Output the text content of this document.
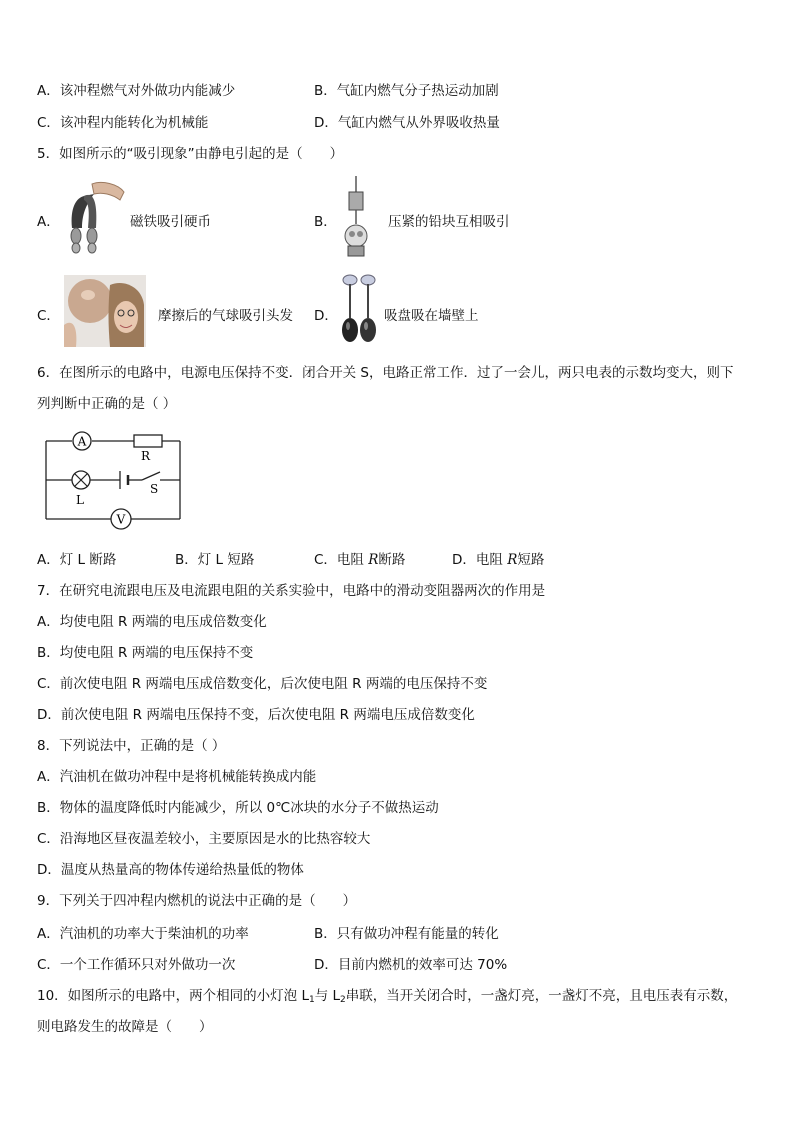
A．该冲程燃气对外做功内能减少	B．气缸内燃气分子热运动加剧
C．该冲程内能转化为机械能	D．气缸内燃气从外界吸收热量
5．如图所示的“吸引现象”由静电引起的是（　　）
A．	磁铁吸引硬币	B．	压紧的铅块互相吸引
C．	摩擦后的气球吸引头发 D．	吸盘吸在墙壁上
6．在图所示的电路中，电源电压保持不变．闭合开关 S，电路正常工作．过了一会儿，两只电表的示数均变大，则下
列判断中正确的是（ ）
A
V
R
L
S
A．灯 L 断路	B．灯 L 短路	C．电阻 R断路	D．电阻 R短路
7．在研究电流跟电压及电流跟电阻的关系实验中，电路中的滑动变阻器两次的作用是
A．均使电阻 R 两端的电压成倍数变化
B．均使电阻 R 两端的电压保持不变
C．前次使电阻 R 两端电压成倍数变化，后次使电阻 R 两端的电压保持不变
D．前次使电阻 R 两端电压保持不变，后次使电阻 R 两端电压成倍数变化
8．下列说法中，正确的是（ ）
A．汽油机在做功冲程中是将机械能转换成内能
B．物体的温度降低时内能减少，所以 0℃冰块的水分子不做热运动
C．沿海地区昼夜温差较小，主要原因是水的比热容较大
D．温度从热量高的物体传递给热量低的物体
9．下列关于四冲程内燃机的说法中正确的是（　　）
A．汽油机的功率大于柴油机的功率	B．只有做功冲程有能量的转化
C．一个工作循环只对外做功一次	D．目前内燃机的效率可达 70%
10．如图所示的电路中，两个相同的小灯泡 $L_1$与 $L_2$串联，当开关闭合时，一盏灯亮，一盏灯不亮，且电压表有示数，
则电路发生的故障是（　　）
